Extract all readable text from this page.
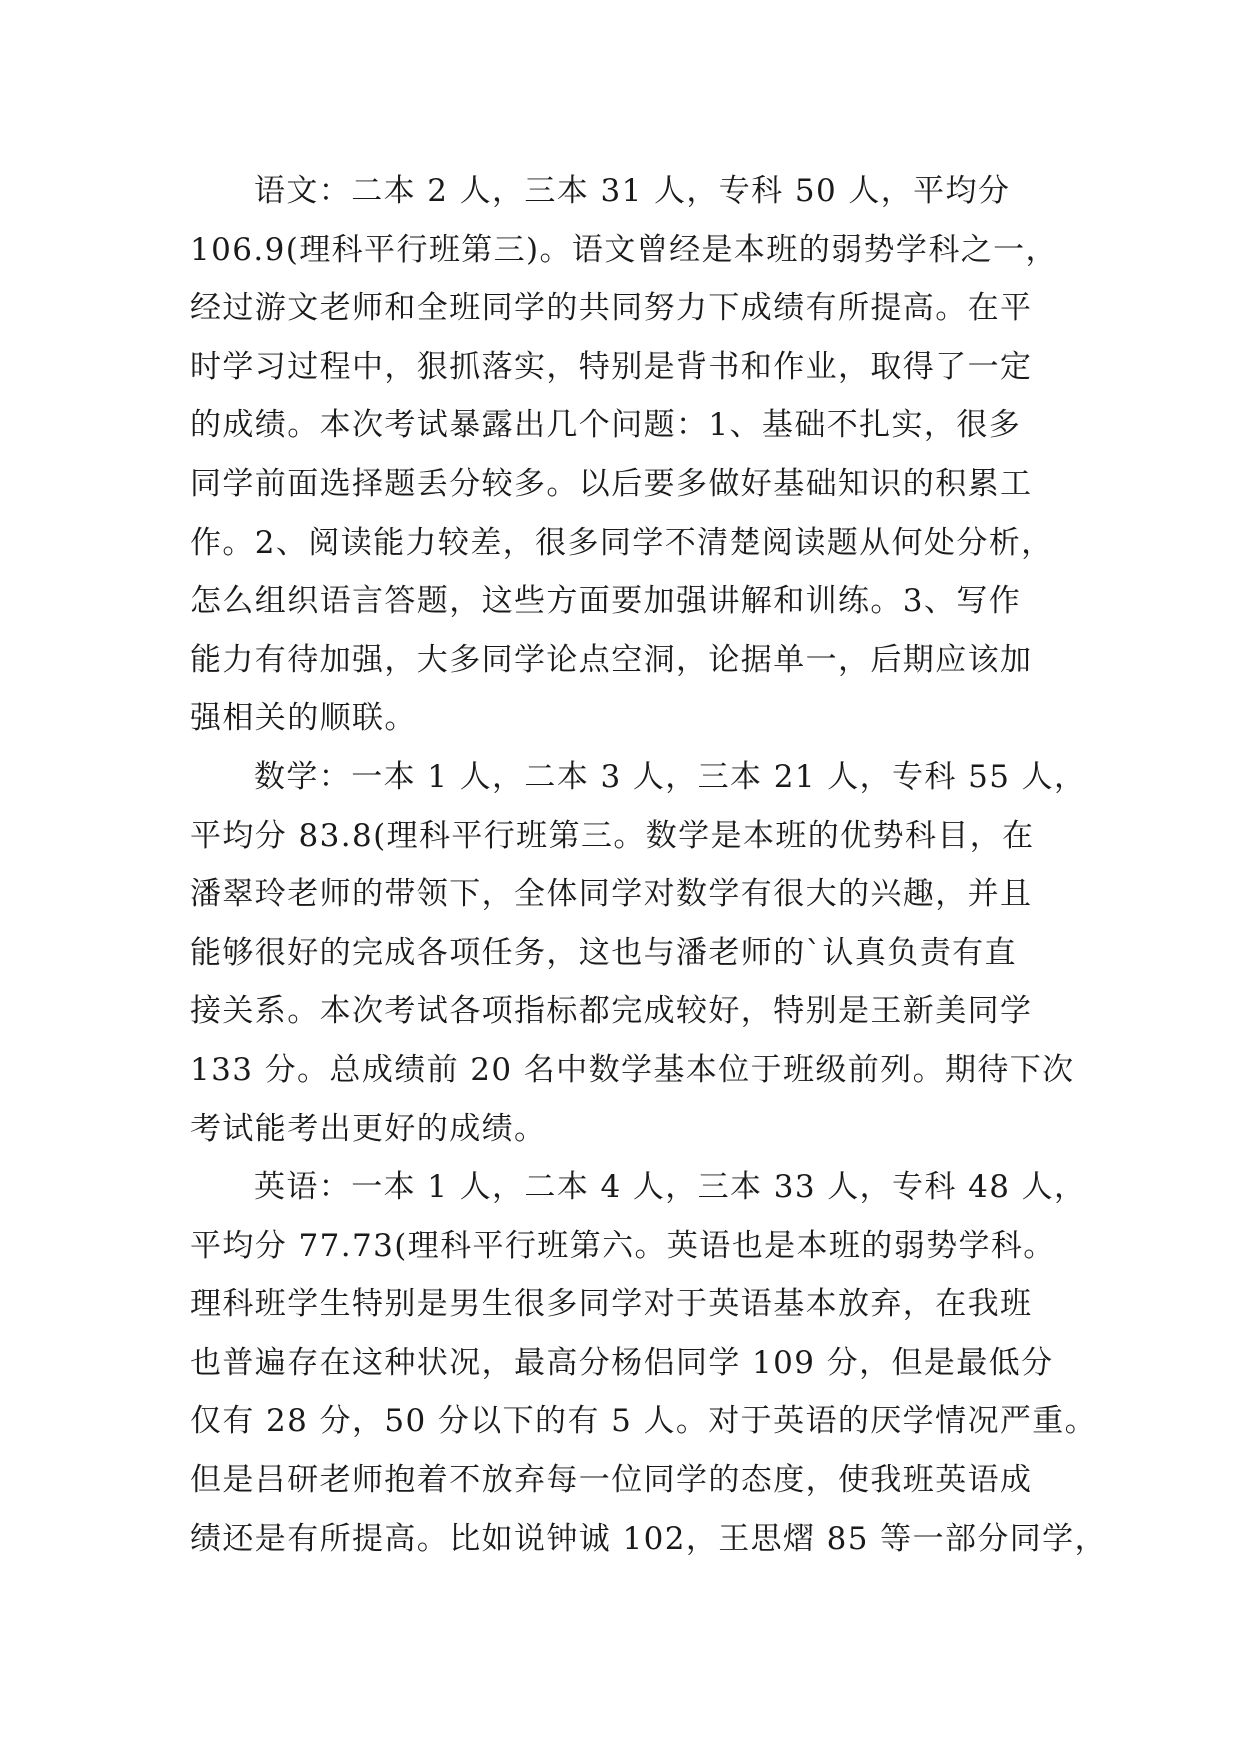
语文：二本 2 人，三本 31 人，专科 50 人，平均分
106.9(理科平行班第三)。语文曾经是本班的弱势学科之一，
经过游文老师和全班同学的共同努力下成绩有所提高。在平
时学习过程中，狠抓落实，特别是背书和作业，取得了一定
的成绩。本次考试暴露出几个问题：1、基础不扎实，很多
同学前面选择题丢分较多。以后要多做好基础知识的积累工
作。2、阅读能力较差，很多同学不清楚阅读题从何处分析，
怎么组织语言答题，这些方面要加强讲解和训练。3、写作
能力有待加强，大多同学论点空洞，论据单一，后期应该加
强相关的顺联。
数学：一本 1 人，二本 3 人，三本 21 人，专科 55 人，
平均分 83.8(理科平行班第三。数学是本班的优势科目，在
潘翠玲老师的带领下，全体同学对数学有很大的兴趣，并且
能够很好的完成各项任务，这也与潘老师的`认真负责有直
接关系。本次考试各项指标都完成较好，特别是王新美同学
133 分。总成绩前 20 名中数学基本位于班级前列。期待下次
考试能考出更好的成绩。
英语：一本 1 人，二本 4 人，三本 33 人，专科 48 人，
平均分 77.73(理科平行班第六。英语也是本班的弱势学科。
理科班学生特别是男生很多同学对于英语基本放弃，在我班
也普遍存在这种状况，最高分杨侣同学 109 分，但是最低分
仅有 28 分，50 分以下的有 5 人。对于英语的厌学情况严重。
但是吕研老师抱着不放弃每一位同学的态度，使我班英语成
绩还是有所提高。比如说钟诚 102，王思熠 85 等一部分同学，
